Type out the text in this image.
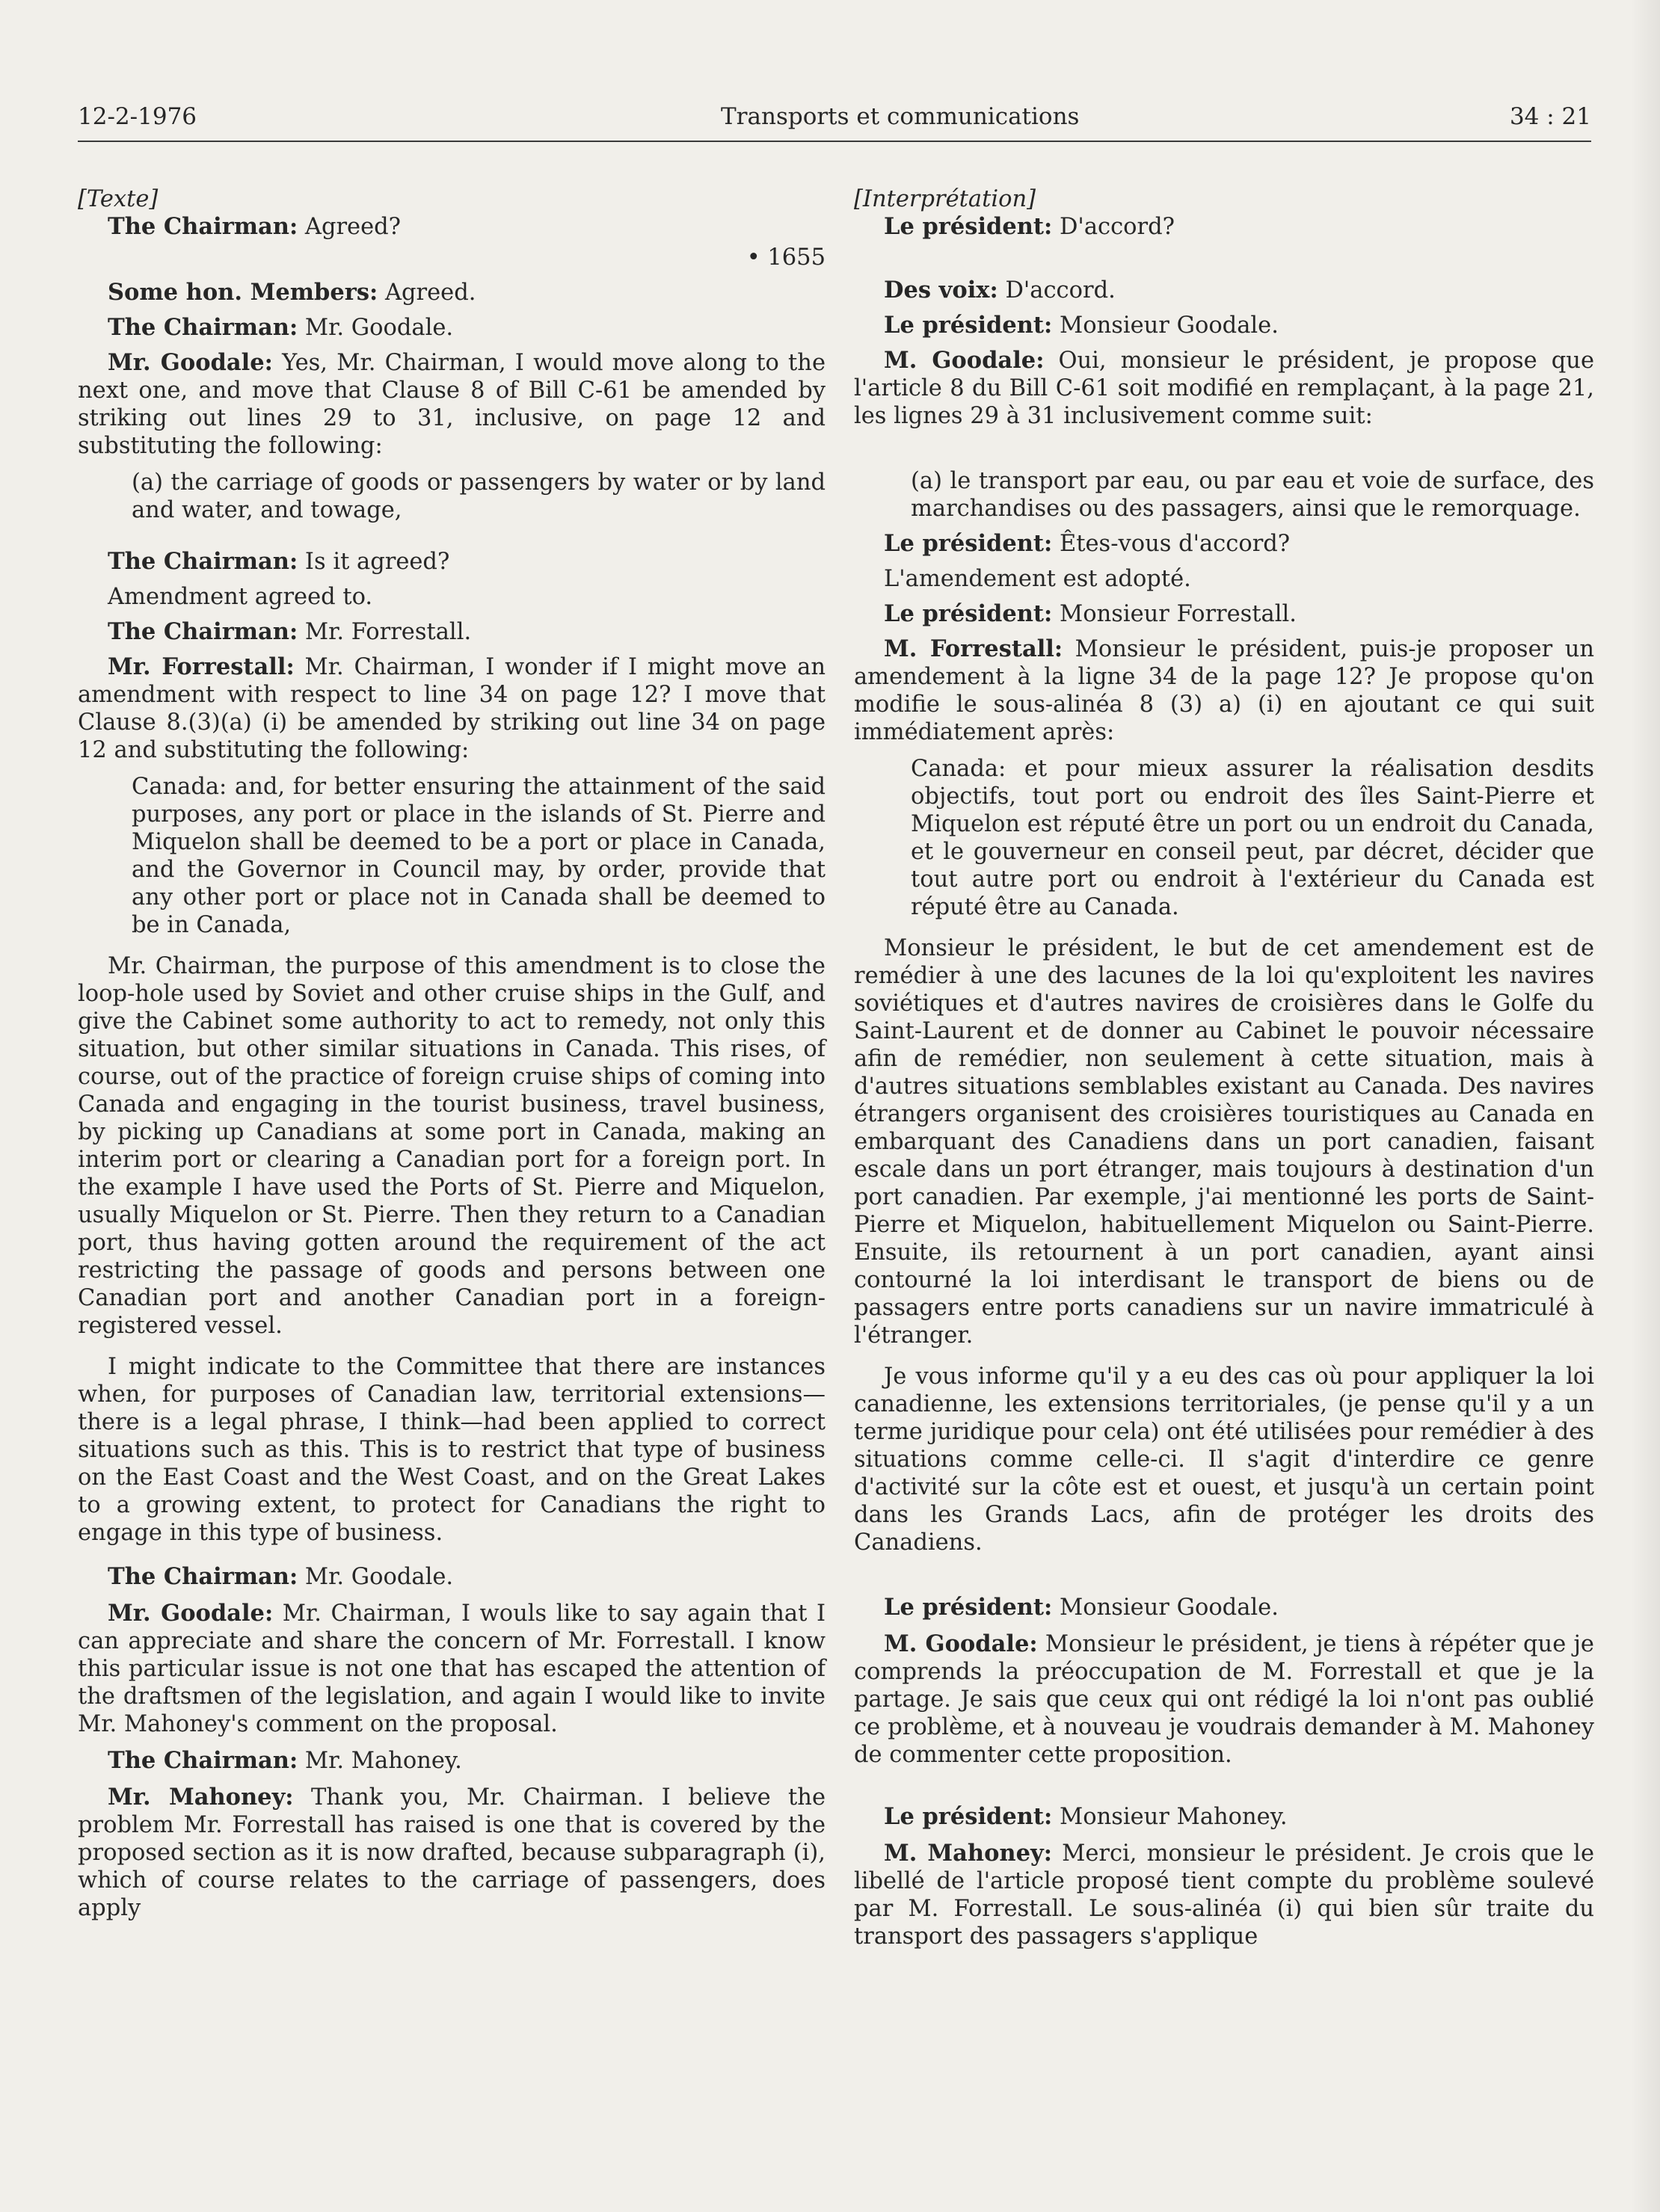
12-2-1976	Transports et communications	34 : 21

[Texte]

The Chairman: Agreed?

• 1655

Some hon. Members: Agreed.

The Chairman: Mr. Goodale.

Mr. Goodale: Yes, Mr. Chairman, I would move along to the next one, and move that Clause 8 of Bill C-61 be amended by striking out lines 29 to 31, inclusive, on page 12 and substituting the following:

(a) the carriage of goods or passengers by water or by land and water, and towage,

The Chairman: Is it agreed?

Amendment agreed to.

The Chairman: Mr. Forrestall.

Mr. Forrestall: Mr. Chairman, I wonder if I might move an amendment with respect to line 34 on page 12? I move that Clause 8.(3)(a) (i) be amended by striking out line 34 on page 12 and substituting the following:

Canada: and, for better ensuring the attainment of the said purposes, any port or place in the islands of St. Pierre and Miquelon shall be deemed to be a port or place in Canada, and the Governor in Council may, by order, provide that any other port or place not in Canada shall be deemed to be in Canada,

Mr. Chairman, the purpose of this amendment is to close the loop-hole used by Soviet and other cruise ships in the Gulf, and give the Cabinet some authority to act to remedy, not only this situation, but other similar situations in Canada. This rises, of course, out of the practice of foreign cruise ships of coming into Canada and engaging in the tourist business, travel business, by picking up Canadians at some port in Canada, making an interim port or clearing a Canadian port for a foreign port. In the example I have used the Ports of St. Pierre and Miquelon, usually Miquelon or St. Pierre. Then they return to a Canadian port, thus having gotten around the requirement of the act restricting the passage of goods and persons between one Canadian port and another Canadian port in a foreign-registered vessel.

I might indicate to the Committee that there are instances when, for purposes of Canadian law, territorial extensions—there is a legal phrase, I think—had been applied to correct situations such as this. This is to restrict that type of business on the East Coast and the West Coast, and on the Great Lakes to a growing extent, to protect for Canadians the right to engage in this type of business.

The Chairman: Mr. Goodale.

Mr. Goodale: Mr. Chairman, I wouls like to say again that I can appreciate and share the concern of Mr. Forrestall. I know this particular issue is not one that has escaped the attention of the draftsmen of the legislation, and again I would like to invite Mr. Mahoney's comment on the proposal.

The Chairman: Mr. Mahoney.

Mr. Mahoney: Thank you, Mr. Chairman. I believe the problem Mr. Forrestall has raised is one that is covered by the proposed section as it is now drafted, because subparagraph (i), which of course relates to the carriage of passengers, does apply

[Interprétation]

Le président: D'accord?

Des voix: D'accord.

Le président: Monsieur Goodale.

M. Goodale: Oui, monsieur le président, je propose que l'article 8 du Bill C-61 soit modifié en remplaçant, à la page 21, les lignes 29 à 31 inclusivement comme suit:

(a) le transport par eau, ou par eau et voie de surface, des marchandises ou des passagers, ainsi que le remorquage.

Le président: Êtes-vous d'accord?

L'amendement est adopté.

Le président: Monsieur Forrestall.

M. Forrestall: Monsieur le président, puis-je proposer un amendement à la ligne 34 de la page 12? Je propose qu'on modifie le sous-alinéa 8 (3) a) (i) en ajoutant ce qui suit immédiatement après:

Canada: et pour mieux assurer la réalisation desdits objectifs, tout port ou endroit des îles Saint-Pierre et Miquelon est réputé être un port ou un endroit du Canada, et le gouverneur en conseil peut, par décret, décider que tout autre port ou endroit à l'extérieur du Canada est réputé être au Canada.

Monsieur le président, le but de cet amendement est de remédier à une des lacunes de la loi qu'exploitent les navires soviétiques et d'autres navires de croisières dans le Golfe du Saint-Laurent et de donner au Cabinet le pouvoir nécessaire afin de remédier, non seulement à cette situation, mais à d'autres situations semblables existant au Canada. Des navires étrangers organisent des croisières touristiques au Canada en embarquant des Canadiens dans un port canadien, faisant escale dans un port étranger, mais toujours à destination d'un port canadien. Par exemple, j'ai mentionné les ports de Saint-Pierre et Miquelon, habituellement Miquelon ou Saint-Pierre. Ensuite, ils retournent à un port canadien, ayant ainsi contourné la loi interdisant le transport de biens ou de passagers entre ports canadiens sur un navire immatriculé à l'étranger.

Je vous informe qu'il y a eu des cas où pour appliquer la loi canadienne, les extensions territoriales, (je pense qu'il y a un terme juridique pour cela) ont été utilisées pour remédier à des situations comme celle-ci. Il s'agit d'interdire ce genre d'activité sur la côte est et ouest, et jusqu'à un certain point dans les Grands Lacs, afin de protéger les droits des Canadiens.

Le président: Monsieur Goodale.

M. Goodale: Monsieur le président, je tiens à répéter que je comprends la préoccupation de M. Forrestall et que je la partage. Je sais que ceux qui ont rédigé la loi n'ont pas oublié ce problème, et à nouveau je voudrais demander à M. Mahoney de commenter cette proposition.

Le président: Monsieur Mahoney.

M. Mahoney: Merci, monsieur le président. Je crois que le libellé de l'article proposé tient compte du problème soulevé par M. Forrestall. Le sous-alinéa (i) qui bien sûr traite du transport des passagers s'applique
